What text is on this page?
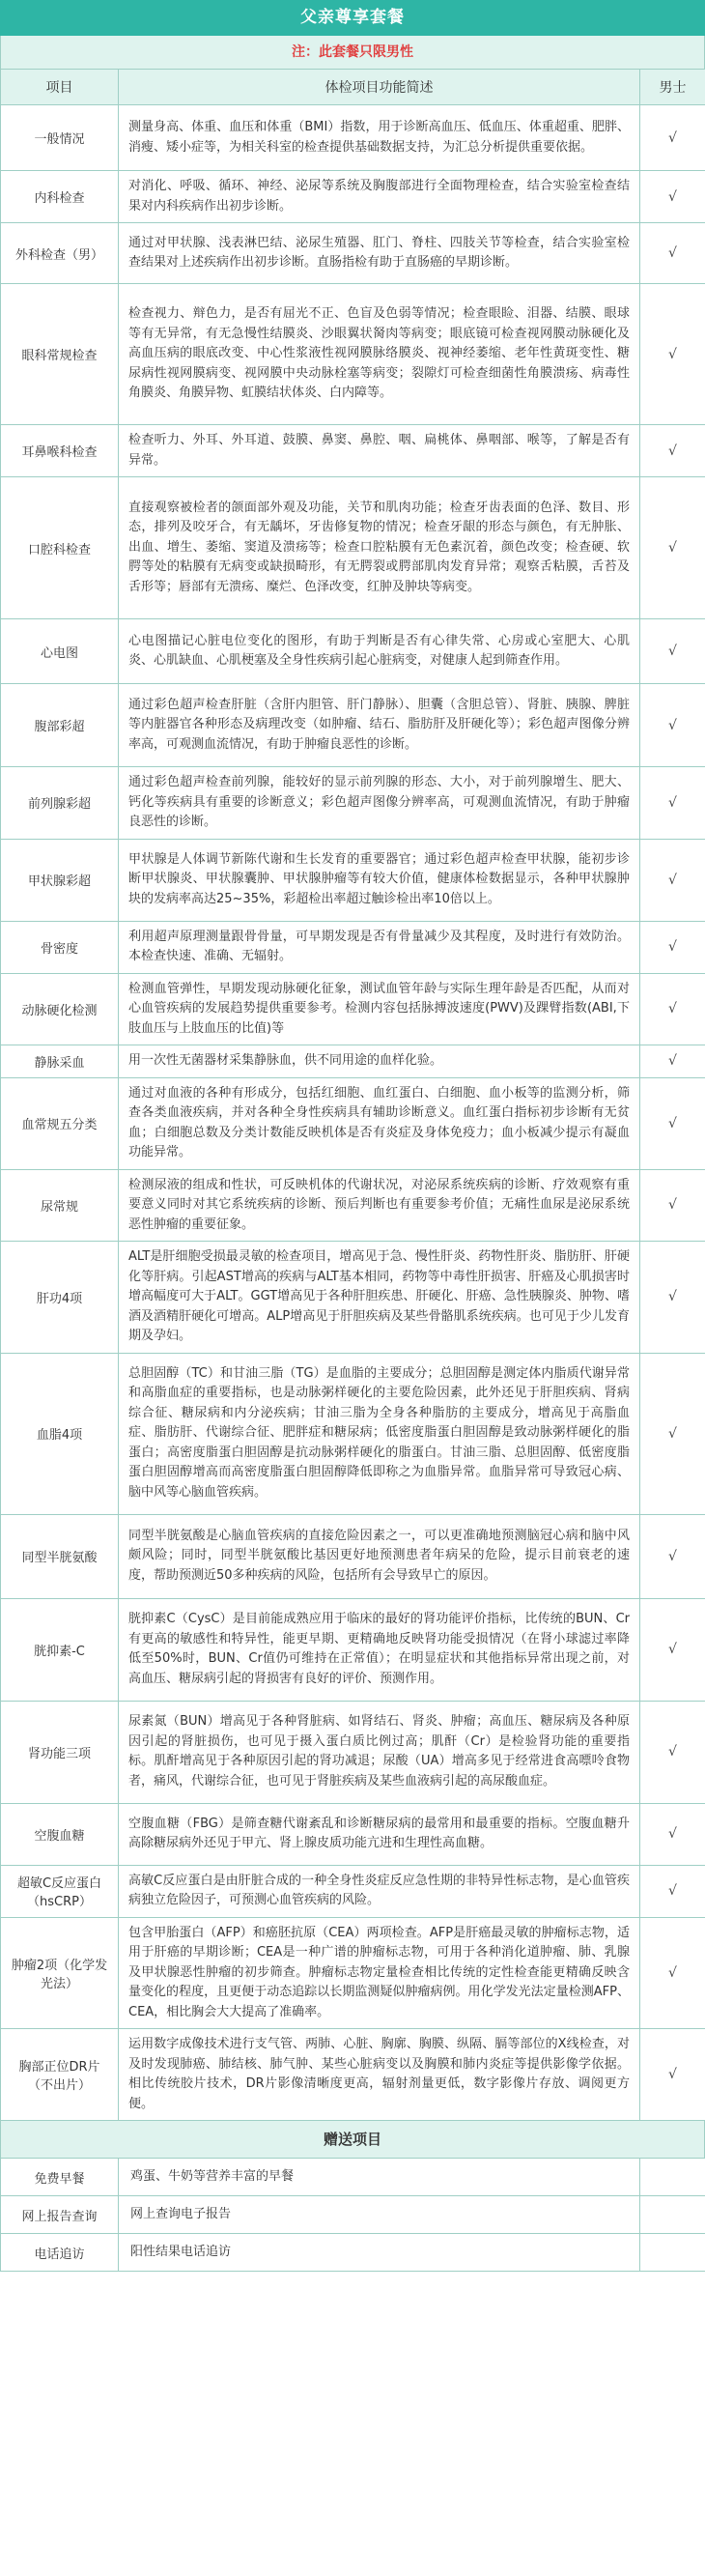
父亲尊享套餐
注：此套餐只限男性
项目	体检项目功能简述	男士
一般情况	测量身高、体重、血压和体重（BMI）指数，用于诊断高血压、低血压、体重超重、肥胖、消瘦、矮小症等，为相关科室的检查提供基础数据支持，为汇总分析提供重要依据。	√
内科检查	对消化、呼吸、循环、神经、泌尿等系统及胸腹部进行全面物理检查，结合实验室检查结果对内科疾病作出初步诊断。	√
外科检查（男）	通过对甲状腺、浅表淋巴结、泌尿生殖器、肛门、脊柱、四肢关节等检查，结合实验室检查结果对上述疾病作出初步诊断。直肠指检有助于直肠癌的早期诊断。	√
眼科常规检查	检查视力、辩色力，是否有屈光不正、色盲及色弱等情况；检查眼睑、泪器、结膜、眼球等有无异常，有无急慢性结膜炎、沙眼翼状胬肉等病变；眼底镜可检查视网膜动脉硬化及高血压病的眼底改变、中心性浆液性视网膜脉络膜炎、视神经萎缩、老年性黄斑变性、糖尿病性视网膜病变、视网膜中央动脉栓塞等病变；裂隙灯可检查细菌性角膜溃疡、病毒性角膜炎、角膜异物、虹膜结状体炎、白内障等。	√
耳鼻喉科检查	检查听力、外耳、外耳道、鼓膜、鼻窦、鼻腔、咽、扁桃体、鼻咽部、喉等，了解是否有异常。	√
口腔科检查	直接观察被检者的颌面部外观及功能，关节和肌肉功能；检查牙齿表面的色泽、数目、形态，排列及咬牙合，有无龋坏，牙齿修复物的情况；检查牙龈的形态与颜色，有无肿胀、出血、增生、萎缩、窦道及溃疡等；检查口腔粘膜有无色素沉着，颜色改变；检查硬、软腭等处的粘膜有无病变或缺损畸形，有无腭裂或腭部肌肉发育异常；观察舌粘膜，舌苔及舌形等；唇部有无溃疡、糜烂、色泽改变，红肿及肿块等病变。	√
心电图	心电图描记心脏电位变化的图形，有助于判断是否有心律失常、心房或心室肥大、心肌炎、心肌缺血、心肌梗塞及全身性疾病引起心脏病变，对健康人起到筛查作用。	√
腹部彩超	通过彩色超声检查肝脏（含肝内胆管、肝门静脉）、胆囊（含胆总管）、肾脏、胰腺、脾脏等内脏器官各种形态及病理改变（如肿瘤、结石、脂肪肝及肝硬化等）；彩色超声图像分辨率高，可观测血流情况，有助于肿瘤良恶性的诊断。	√
前列腺彩超	通过彩色超声检查前列腺，能较好的显示前列腺的形态、大小，对于前列腺增生、肥大、钙化等疾病具有重要的诊断意义；彩色超声图像分辨率高，可观测血流情况，有助于肿瘤良恶性的诊断。	√
甲状腺彩超	甲状腺是人体调节新陈代谢和生长发育的重要器官；通过彩色超声检查甲状腺，能初步诊断甲状腺炎、甲状腺囊肿、甲状腺肿瘤等有较大价值，健康体检数据显示，各种甲状腺肿块的发病率高达25~35%，彩超检出率超过触诊检出率10倍以上。	√
骨密度	利用超声原理测量跟骨骨量，可早期发现是否有骨量减少及其程度，及时进行有效防治。本检查快速、准确、无辐射。	√
动脉硬化检测	检测血管弹性，早期发现动脉硬化征象，测试血管年龄与实际生理年龄是否匹配，从而对心血管疾病的发展趋势提供重要参考。检测内容包括脉搏波速度(PWV)及踝臂指数(ABI,下肢血压与上肢血压的比值)等	√
静脉采血	用一次性无菌器材采集静脉血，供不同用途的血样化验。	√
血常规五分类	通过对血液的各种有形成分，包括红细胞、血红蛋白、白细胞、血小板等的监测分析，筛查各类血液疾病，并对各种全身性疾病具有辅助诊断意义。血红蛋白指标初步诊断有无贫血；白细胞总数及分类计数能反映机体是否有炎症及身体免疫力；血小板减少提示有凝血功能异常。	√
尿常规	检测尿液的组成和性状，可反映机体的代谢状况，对泌尿系统疾病的诊断、疗效观察有重要意义同时对其它系统疾病的诊断、预后判断也有重要参考价值；无痛性血尿是泌尿系统恶性肿瘤的重要征象。	√
肝功4项	ALT是肝细胞受损最灵敏的检查项目，增高见于急、慢性肝炎、药物性肝炎、脂肪肝、肝硬化等肝病。引起AST增高的疾病与ALT基本相同，药物等中毒性肝损害、肝癌及心肌损害时增高幅度可大于ALT。GGT增高见于各种肝胆疾患、肝硬化、肝癌、急性胰腺炎、肿物、嗜酒及酒精肝硬化可增高。ALP增高见于肝胆疾病及某些骨骼肌系统疾病。也可见于少儿发育期及孕妇。	√
血脂4项	总胆固醇（TC）和甘油三脂（TG）是血脂的主要成分；总胆固醇是测定体内脂质代谢异常和高脂血症的重要指标，也是动脉粥样硬化的主要危险因素，此外还见于肝胆疾病、肾病综合征、糖尿病和内分泌疾病；甘油三脂为全身各种脂肪的主要成分，增高见于高脂血症、脂肪肝、代谢综合征、肥胖症和糖尿病；低密度脂蛋白胆固醇是致动脉粥样硬化的脂蛋白；高密度脂蛋白胆固醇是抗动脉粥样硬化的脂蛋白。甘油三脂、总胆固醇、低密度脂蛋白胆固醇增高而高密度脂蛋白胆固醇降低即称之为血脂异常。血脂异常可导致冠心病、脑中风等心脑血管疾病。	√
同型半胱氨酸	同型半胱氨酸是心脑血管疾病的直接危险因素之一，可以更准确地预测脑冠心病和脑中风颇风险；同时，同型半胱氨酸比基因更好地预测患者年病呆的危险，提示目前衰老的速度，帮助预测近50多种疾病的风险，包括所有会导致早亡的原因。	√
胱抑素-C	胱抑素C（CysC）是目前能成熟应用于临床的最好的肾功能评价指标，比传统的BUN、Cr有更高的敏感性和特异性，能更早期、更精确地反映肾功能受损情况（在肾小球滤过率降低至50%时，BUN、Cr值仍可维持在正常值）；在明显症状和其他指标异常出现之前，对高血压、糖尿病引起的肾损害有良好的评价、预测作用。	√
肾功能三项	尿素氮（BUN）增高见于各种肾脏病、如肾结石、肾炎、肿瘤；高血压、糖尿病及各种原因引起的肾脏损伤，也可见于摄入蛋白质比例过高；肌酐（Cr）是检验肾功能的重要指标。肌酐增高见于各种原因引起的肾功减退；尿酸（UA）增高多见于经常进食高嘌呤食物者，痛风，代谢综合征，也可见于肾脏疾病及某些血液病引起的高尿酸血症。	√
空腹血糖	空腹血糖（FBG）是筛查糖代谢紊乱和诊断糖尿病的最常用和最重要的指标。空腹血糖升高除糖尿病外还见于甲亢、肾上腺皮质功能亢进和生理性高血糖。	√
超敏C反应蛋白（hsCRP）	高敏C反应蛋白是由肝脏合成的一种全身性炎症反应急性期的非特异性标志物，是心血管疾病独立危险因子，可预测心血管疾病的风险。	√
肿瘤2项（化学发光法）	包含甲胎蛋白（AFP）和癌胚抗原（CEA）两项检查。AFP是肝癌最灵敏的肿瘤标志物，适用于肝癌的早期诊断；CEA是一种广谱的肿瘤标志物，可用于各种消化道肿瘤、肺、乳腺及甲状腺恶性肿瘤的初步筛查。肿瘤标志物定量检查相比传统的定性检查能更精确反映含量变化的程度，且更便于动态追踪以长期监测疑似肿瘤病例。用化学发光法定量检测AFP、CEA，相比胸会大大提高了准确率。	√
胸部正位DR片（不出片）	运用数字成像技术进行支气管、两肺、心脏、胸廓、胸膜、纵隔、膈等部位的X线检查，对及时发现肺癌、肺结核、肺气肿、某些心脏病变以及胸膜和肺内炎症等提供影像学依据。相比传统胶片技术，DR片影像清晰度更高，辐射剂量更低，数字影像片存放、调阅更方便。	√
赠送项目
免费早餐	鸡蛋、牛奶等营养丰富的早餐	
网上报告查询	网上查询电子报告	
电话追访	阳性结果电话追访	
